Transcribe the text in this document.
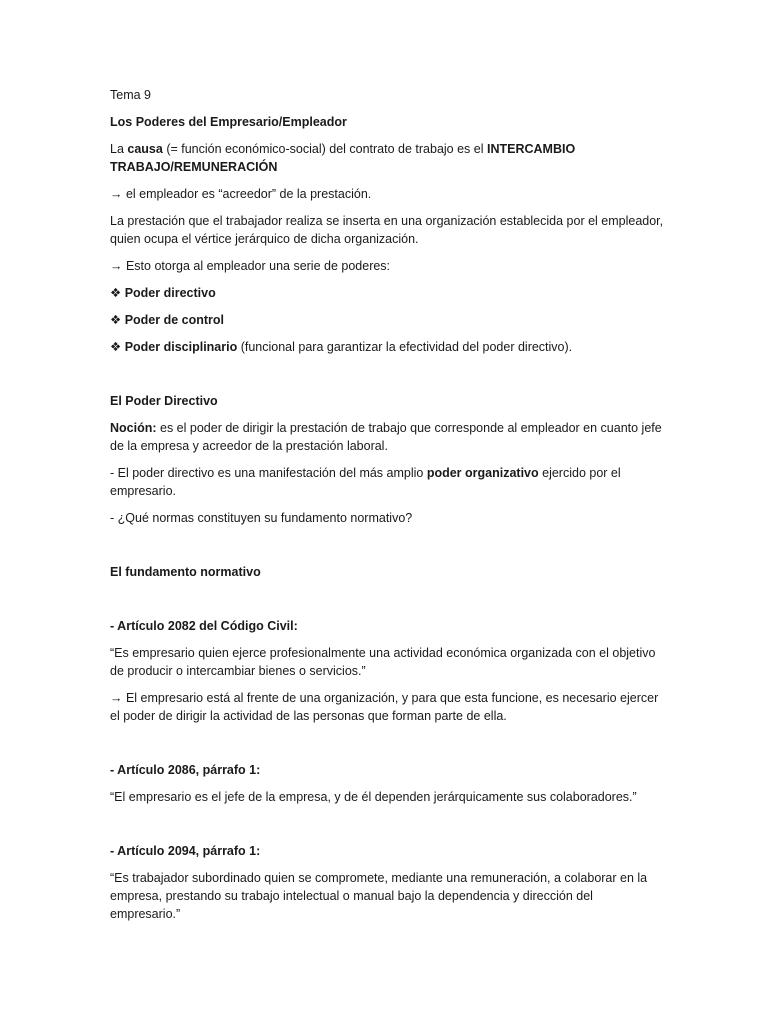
Tema 9

Los Poderes del Empresario/Empleador

La causa (= función económico-social) del contrato de trabajo es el INTERCAMBIO TRABAJO/REMUNERACIÓN

→ el empleador es “acreedor” de la prestación.

La prestación que el trabajador realiza se inserta en una organización establecida por el empleador, quien ocupa el vértice jerárquico de dicha organización.

→ Esto otorga al empleador una serie de poderes:

❖ Poder directivo

❖ Poder de control

❖ Poder disciplinario (funcional para garantizar la efectividad del poder directivo).

El Poder Directivo

Noción: es el poder de dirigir la prestación de trabajo que corresponde al empleador en cuanto jefe de la empresa y acreedor de la prestación laboral.

- El poder directivo es una manifestación del más amplio poder organizativo ejercido por el empresario.

- ¿Qué normas constituyen su fundamento normativo?

El fundamento normativo

- Artículo 2082 del Código Civil:

“Es empresario quien ejerce profesionalmente una actividad económica organizada con el objetivo de producir o intercambiar bienes o servicios.”

→ El empresario está al frente de una organización, y para que esta funcione, es necesario ejercer el poder de dirigir la actividad de las personas que forman parte de ella.

- Artículo 2086, párrafo 1:

“El empresario es el jefe de la empresa, y de él dependen jerárquicamente sus colaboradores.”

- Artículo 2094, párrafo 1:

“Es trabajador subordinado quien se compromete, mediante una remuneración, a colaborar en la empresa, prestando su trabajo intelectual o manual bajo la dependencia y dirección del empresario.”
